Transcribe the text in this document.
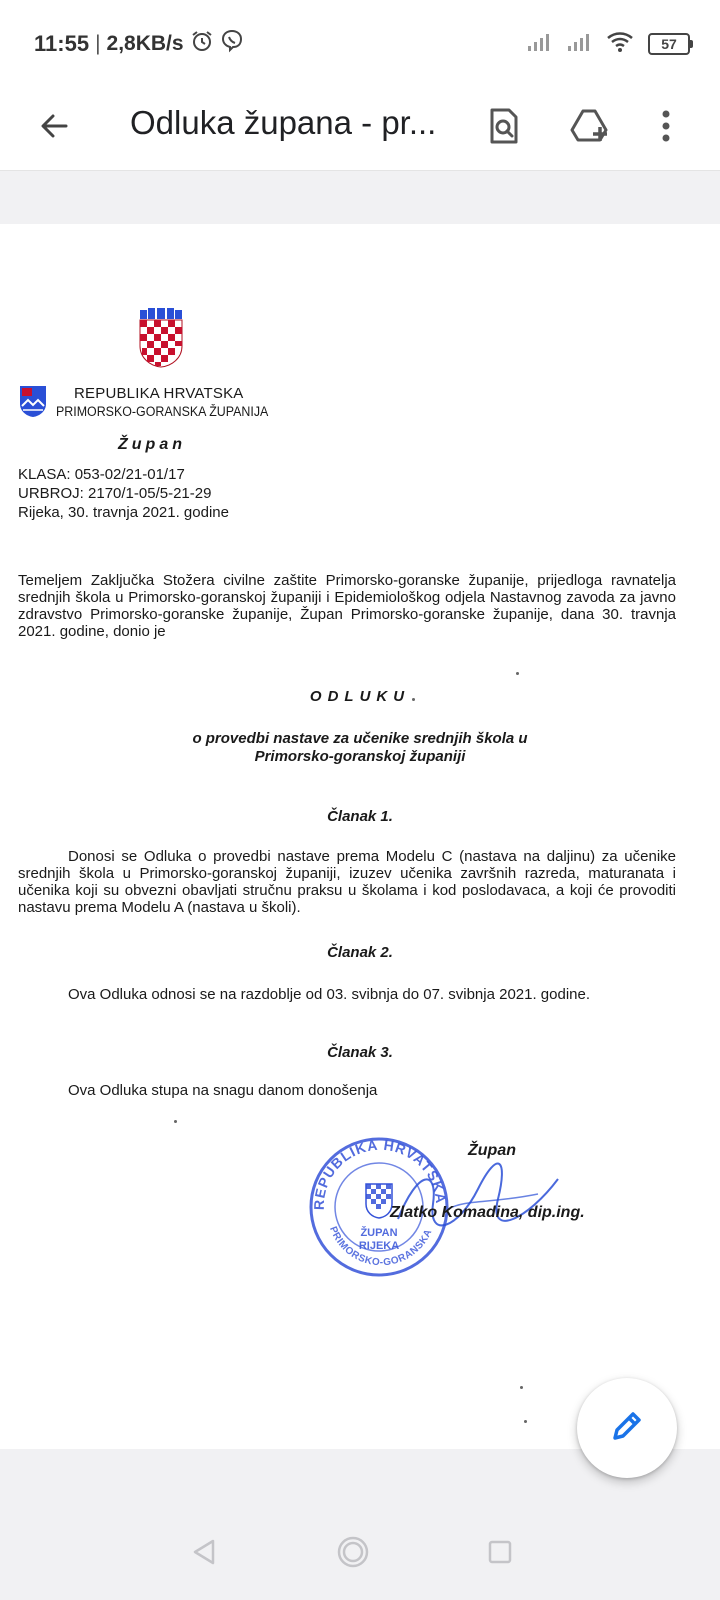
11:55 | 2,8KB/s	57
Odluka župana - pr...
REPUBLIKA HRVATSKA
PRIMORSKO-GORANSKA ŽUPANIJA
Župan
KLASA: 053-02/21-01/17
URBROJ: 2170/1-05/5-21-29
Rijeka, 30. travnja 2021. godine
Temeljem Zaključka Stožera civilne zaštite Primorsko-goranske županije, prijedloga ravnatelja srednjih škola u Primorsko-goranskoj županiji i Epidemiološkog odjela Nastavnog zavoda za javno zdravstvo Primorsko-goranske županije, Župan Primorsko-goranske županije, dana 30. travnja 2021. godine, donio je
ODLUKU
o provedbi nastave za učenike srednjih škola u
Primorsko-goranskoj županiji
Članak 1.
Donosi se Odluka o provedbi nastave prema Modelu C (nastava na daljinu) za učenike srednjih škola u Primorsko-goranskoj županiji, izuzev učenika završnih razreda, maturanata i učenika koji su obvezni obavljati stručnu praksu u školama i kod poslodavaca, a koji će provoditi nastavu prema Modelu A (nastava u školi).
Članak 2.
Ova Odluka odnosi se na razdoblje od 03. svibnja do 07. svibnja 2021. godine.
Članak 3.
Ova Odluka stupa na snagu danom donošenja
REPUBLIKA HRVATSKA
PRIMORSKO-GORANSKA
ŽUPAN
RIJEKA
Župan
Zlatko Komadina, dip.ing.
